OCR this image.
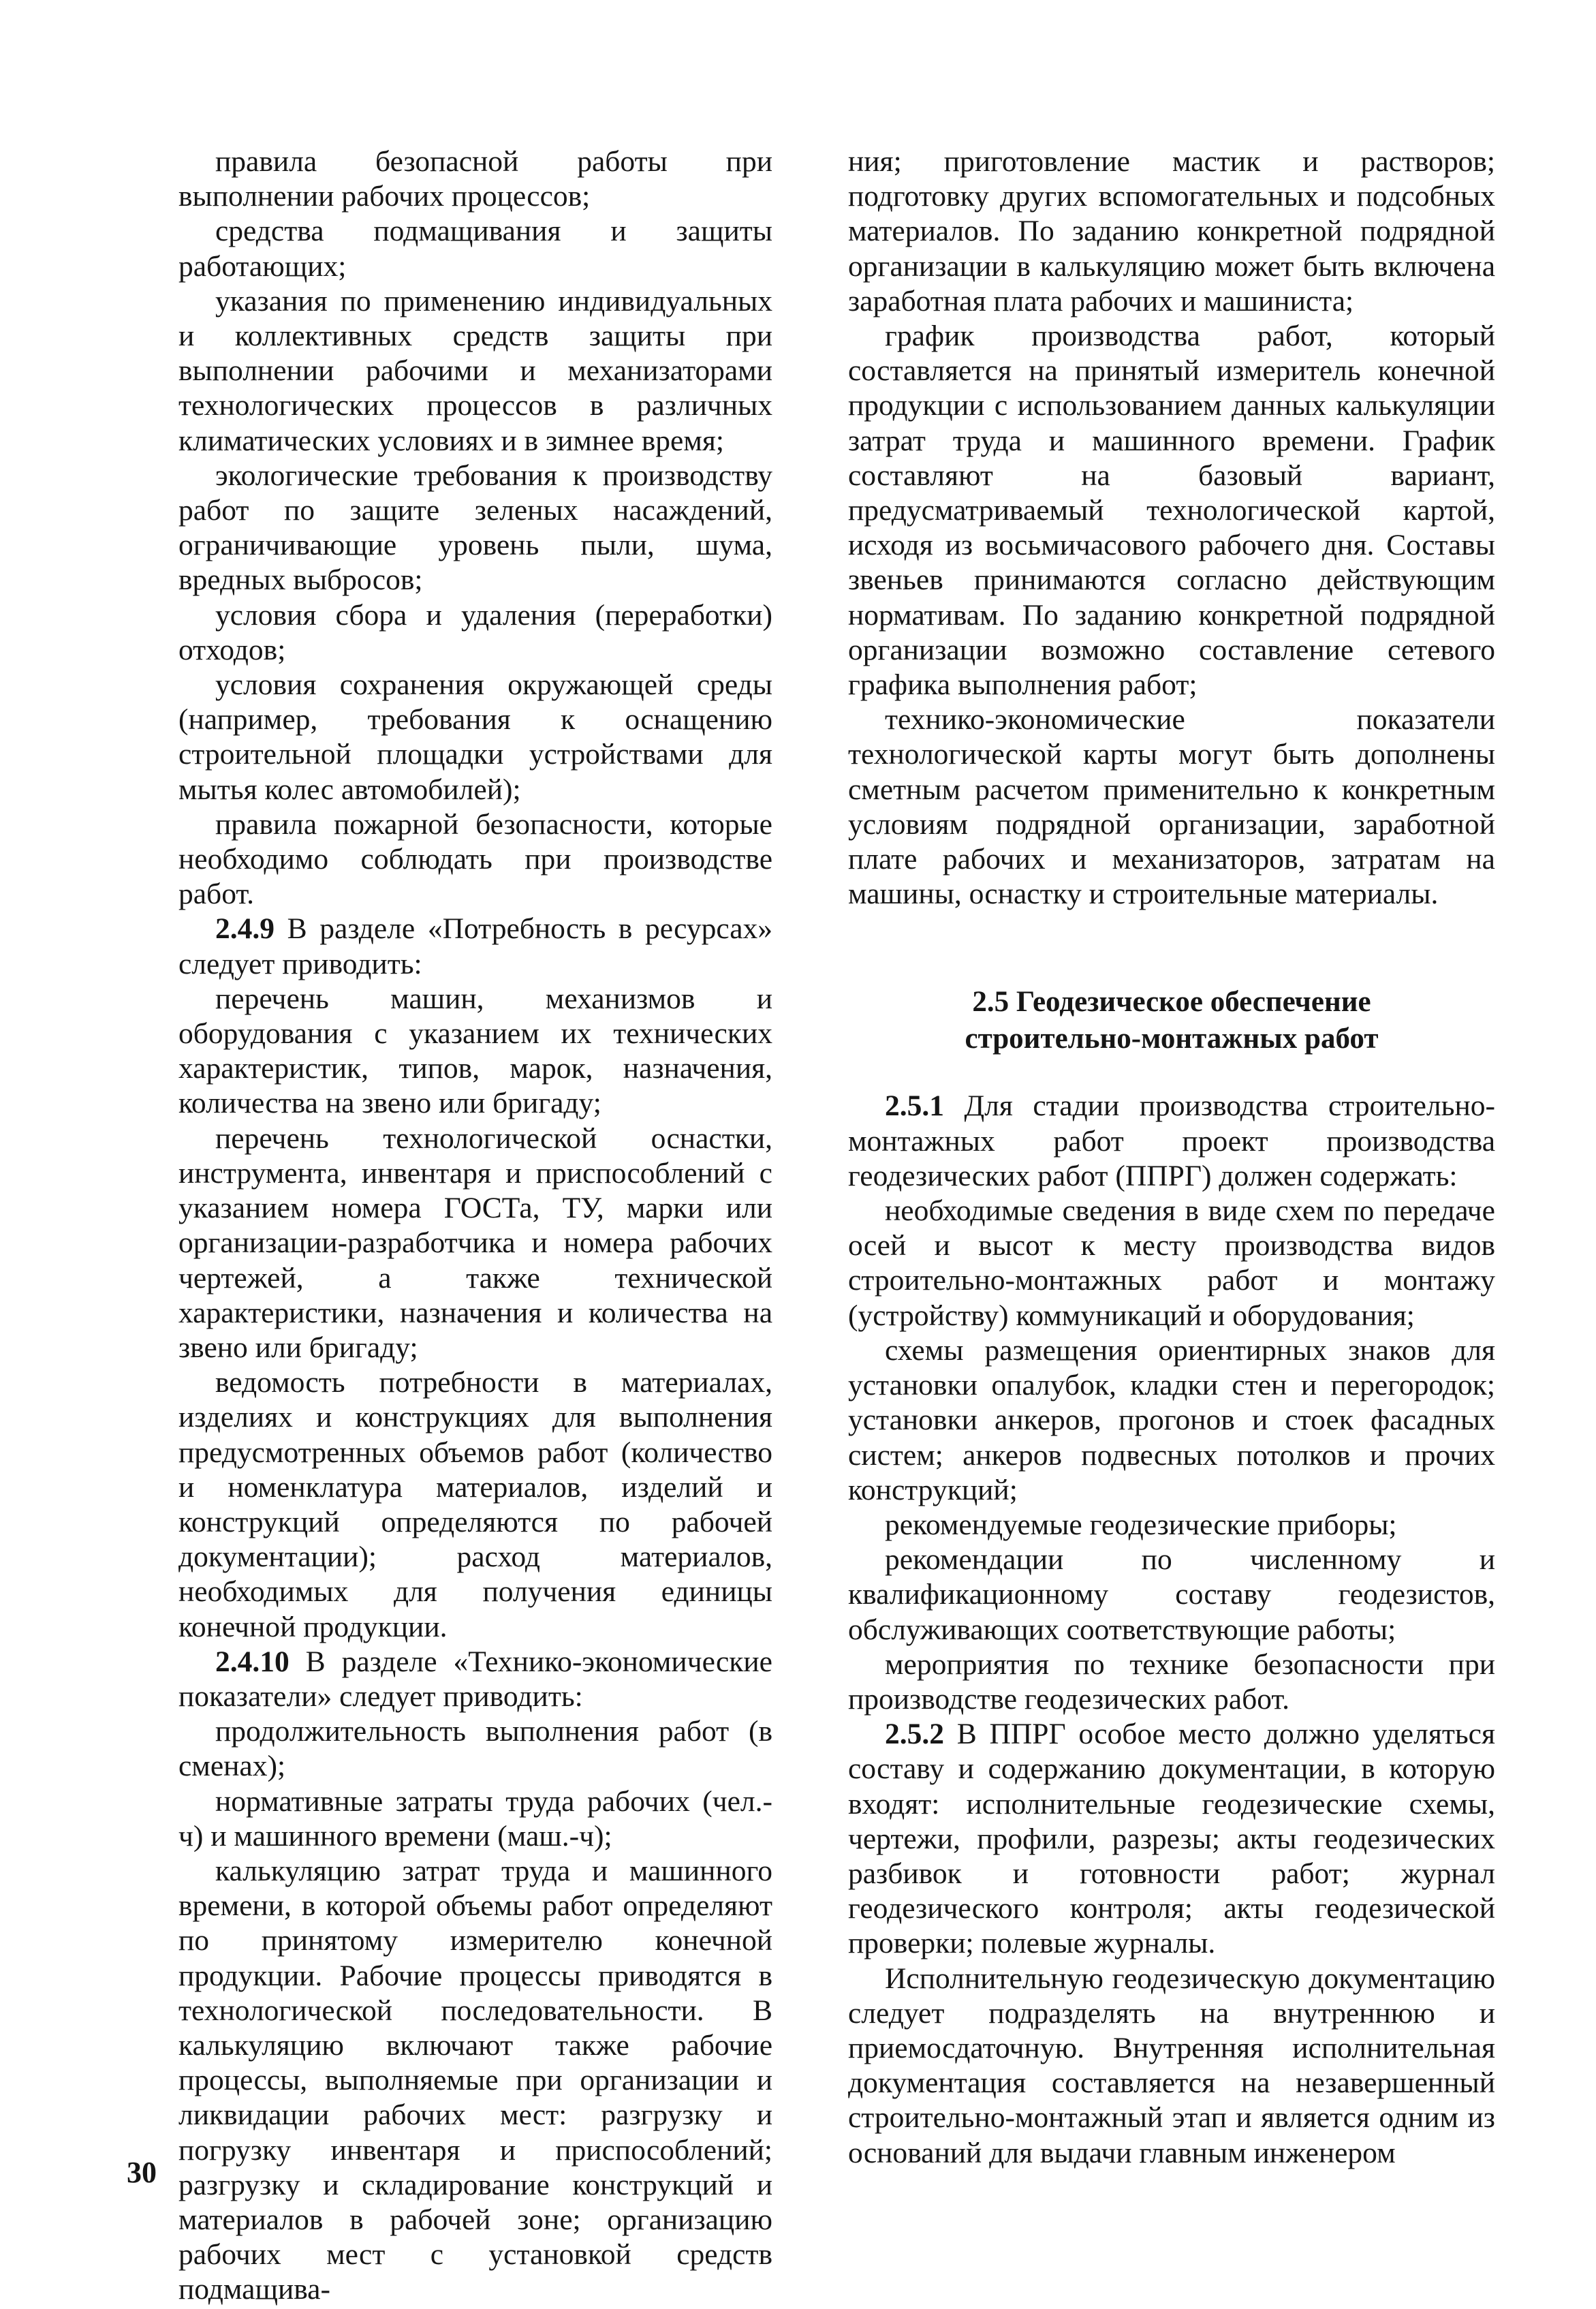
правила безопасной работы при выполнении рабочих процессов;

средства подмащивания и защиты работающих;

указания по применению индивидуальных и коллективных средств защиты при выполнении рабочими и механизаторами технологических процессов в различных климатических условиях и в зимнее время;

экологические требования к производству работ по защите зеленых насаждений, ограничивающие уровень пыли, шума, вредных выбросов;

условия сбора и удаления (переработки) отходов;

условия сохранения окружающей среды (например, требования к оснащению строительной площадки устройствами для мытья колес автомобилей);

правила пожарной безопасности, которые необходимо соблюдать при производстве работ.

2.4.9 В разделе «Потребность в ресурсах» следует приводить:

перечень машин, механизмов и оборудования с указанием их технических характеристик, типов, марок, назначения, количества на звено или бригаду;

перечень технологической оснастки, инструмента, инвентаря и приспособлений с указанием номера ГОСТа, ТУ, марки или организации-разработчика и номера рабочих чертежей, а также технической характеристики, назначения и количества на звено или бригаду;

ведомость потребности в материалах, изделиях и конструкциях для выполнения предусмотренных объемов работ (количество и номенклатура материалов, изделий и конструкций определяются по рабочей документации); расход материалов, необходимых для получения единицы конечной продукции.

2.4.10 В разделе «Технико-экономические показатели» следует приводить:

продолжительность выполнения работ (в сменах);

нормативные затраты труда рабочих (чел.-ч) и машинного времени (маш.-ч);

калькуляцию затрат труда и машинного времени, в которой объемы работ определяют по принятому измерителю конечной продукции. Рабочие процессы приводятся в технологической последовательности. В калькуляцию включают также рабочие процессы, выполняемые при организации и ликвидации рабочих мест: разгрузку и погрузку инвентаря и приспособлений; разгрузку и складирование конструкций и материалов в рабочей зоне; организацию рабочих мест с установкой средств подмащива-

ния; приготовление мастик и растворов; подготовку других вспомогательных и подсобных материалов. По заданию конкретной подрядной организации в калькуляцию может быть включена заработная плата рабочих и машиниста;

график производства работ, который составляется на принятый измеритель конечной продукции с использованием данных калькуляции затрат труда и машинного времени. График составляют на базовый вариант, предусматриваемый технологической картой, исходя из восьмичасового рабочего дня. Составы звеньев принимаются согласно действующим нормативам. По заданию конкретной подрядной организации возможно составление сетевого графика выполнения работ;

технико-экономические показатели технологической карты могут быть дополнены сметным расчетом применительно к конкретным условиям подрядной организации, заработной плате рабочих и механизаторов, затратам на машины, оснастку и строительные материалы.

2.5 Геодезическое обеспечение
строительно-монтажных работ

2.5.1 Для стадии производства строительно-монтажных работ проект производства геодезических работ (ППРГ) должен содержать:

необходимые сведения в виде схем по передаче осей и высот к месту производства видов строительно-монтажных работ и монтажу (устройству) коммуникаций и оборудования;

схемы размещения ориентирных знаков для установки опалубок, кладки стен и перегородок; установки анкеров, прогонов и стоек фасадных систем; анкеров подвесных потолков и прочих конструкций;

рекомендуемые геодезические приборы;

рекомендации по численному и квалификационному составу геодезистов, обслуживающих соответствующие работы;

мероприятия по технике безопасности при производстве геодезических работ.

2.5.2 В ППРГ особое место должно уделяться составу и содержанию документации, в которую входят: исполнительные геодезические схемы, чертежи, профили, разрезы; акты геодезических разбивок и готовности работ; журнал геодезического контроля; акты геодезической проверки; полевые журналы.

Исполнительную геодезическую документацию следует подразделять на внутреннюю и приемосдаточную. Внутренняя исполнительная документация составляется на незавершенный строительно-монтажный этап и является одним из оснований для выдачи главным инженером

30
